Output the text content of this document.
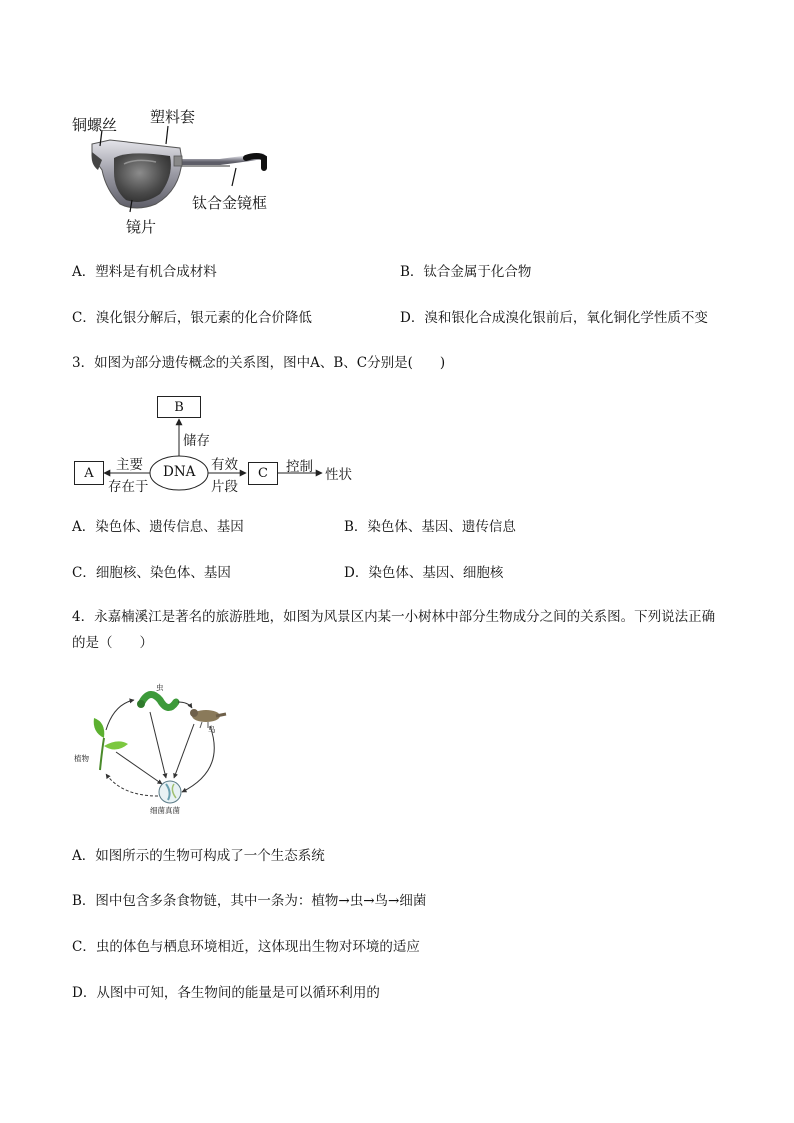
铜螺丝 塑料套
钛合金镜框
镜片
A．塑料是有机合成材料	B．钛合金属于化合物
C．溴化银分解后，银元素的化合价降低	D．溴和银化合成溴化银前后，氧化铜化学性质不变
3．如图为部分遗传概念的关系图，图中A、B、C分别是(　　)
A
B
C
DNA
储存
主要
存在于
有效
片段
控制 性状
A．染色体、遗传信息、基因	B．染色体、基因、遗传信息
C．细胞核、染色体、基因	D．染色体、基因、细胞核
4．永嘉楠溪江是著名的旅游胜地，如图为风景区内某一小树林中部分生物成分之间的关系图。下列说法正确的是（　　）
虫
鸟
植物
细菌真菌
A．如图所示的生物可构成了一个生态系统
B．图中包含多条食物链，其中一条为：植物→虫→鸟→细菌
C．虫的体色与栖息环境相近，这体现出生物对环境的适应
D．从图中可知，各生物间的能量是可以循环利用的
